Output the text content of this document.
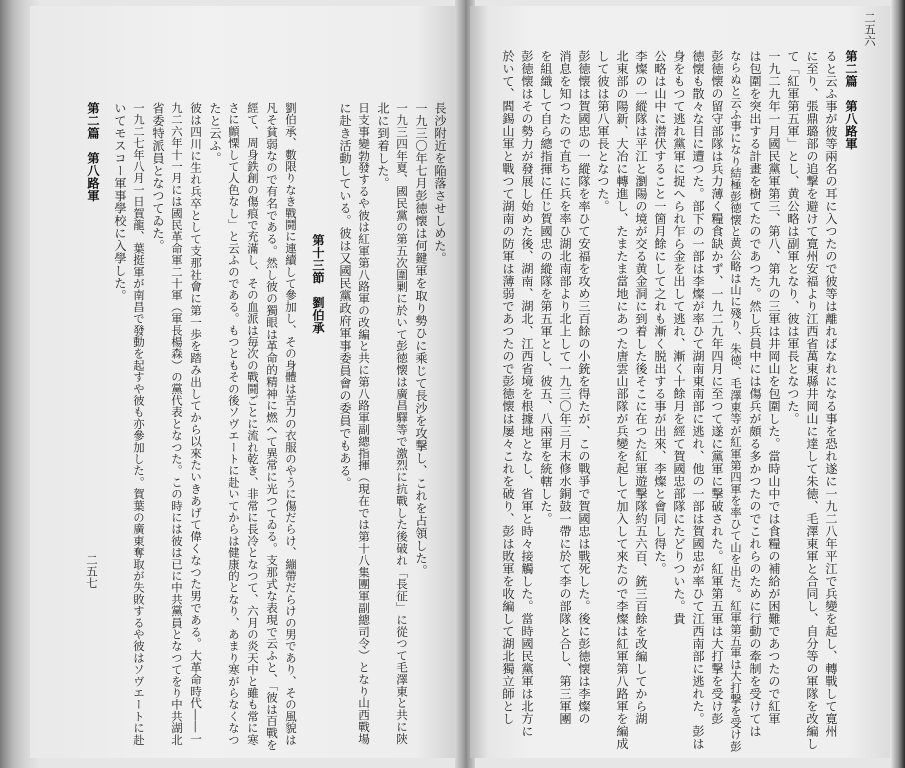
長沙附近を陥落させしめた。
一九三〇年七月彭徳懐は何鍵軍を取り勢ひに乘じて長沙を攻撃し、これを占領した。
一九三四年夏、國民黨の第五次圍剿に於いて彭徳懐は廣昌驛等で激烈に抗戰した後破れ「長征」に從つて毛澤東と共に陝
北に到着した。
日支事變勃發するや彼は紅軍第八路軍の改編と共に第八路軍副總指揮（現在では第十八集團軍副總司令）となり山西戰場
に赴き活動している。彼は又國民黨政府軍事委員會の委員でもある。
第十三節　劉伯承
劉伯承、數限りなき戰鬪に連續して參加し、その身體は苦力の衣服のやうに傷だらけ、繃帶だらけの男であり、その風貌は
凡そ貧弱なので有名である。然し彼の獨眼は革命的精神に燃へて異常に光つてゐる。支那式な表現で云ふと、「彼は百戰を
經て、周身鉄創の傷痕で充滿し、その血派は毎次の戰鬪ごとに流れ乾き、非常に長冷となつて、六月の炎天中と雖も常に寒
さに顫慄して人色なし」と云ふのである。もつともその後ソヴエートに赴いてからは健康的となり、あまり寒がらなくなつ
たと云ふ。
彼は四川に生れ兵卒として支那社會に第一歩を踏み出してから以來たいきあげて偉くなつた男である。大革命時代――一
九二六年十一月には國民革命軍二十軍（軍長楊森）の黨代表となつた。この時には彼は已に中共黨員となつてをり中共湖北
省委特派員となつてゐた。
一九二七年八月一日賀龍、葉挺軍が南昌で發動を起すや彼も亦參加した。賀葉の廣東奪取が失敗するや彼はソヴエートに赴
いてモスコー軍事學校に入學した。
第二篇　第八路軍
二五七
二五六
第二篇　第八路軍
ると云ふ事が彼等兩名の耳に入つたので彼等は離ればなれになる事を恐れ遂に一九二八年平江で兵變を起し、轉戰して寛州
に至り、張鼎璐部の追撃を避けて寛州安福より江西省萬東縣井岡山に達して朱徳、毛澤東軍と合同し、自分等の軍隊を改編し
て「紅軍第五軍」とし、黄公略は副軍となり、彼は軍長となつた。
一九二九年一月國民黨軍第三、第八、第九の三軍は井岡山を包圍した。當時山中では食糧の補給が困難であつたので紅軍
は包圍を突出する計畫を樹てたのであつた。然し兵員中には傷兵が頗る多かつたのでこれらのために行動の牽制を受けては
ならぬと云ふ事になり結極彭徳懐と黄公略は山に殘り、朱徳、毛澤東等が紅軍第四軍を率ひて山を出た。紅軍第五軍は大打撃を受け彭
彭徳懐の留守部隊は兵力薄く糧食缺かず、一九二九年四月に至つて遂に黨軍に撃破された。紅軍第五軍は大打撃を受け彭
徳懐も散々な目に遭つた。部下の一部は李燦が率ひて湖南東南部に逃れ、他の一部は賀國忠が率ひて江西南部に逃れた。彭は
身をもつて逃れ黨軍に捉へられ乍ら金を出して逃れ、漸く十餘月を經て賀國忠部隊にたどりついた。貴
公略は山中に潜伏すること一箇月餘にして之れも漸く脱出する事が出來、李燦と會同し得た。
李燦の一縱隊は平江と瀏陽の境が交る黄金洞に到着した後そこに在つた紅軍遊撃隊約五六百、銃三百餘を改編してから湖
北東部の陽新、大冶に轉進し、たまたま當地にあつた唐雲山部隊が兵變を起して加入して來たので李燦は紅軍第八路軍を編成
して彼は第八軍長となつた。
彭徳懐は賀國忠の一縱隊を率ひて安福を攻め三百餘の小銃を得たが、この戰爭で賀國忠は戰死した。後に彭徳懐は李燦の
消息を知つたので直ちに兵を率ひ湖北南部より北上して一九三〇年三月末修水銅鼓一帶に於て李の部隊と合し、第三軍團
を組織して自ら總指揮に任じ賀國忠の縱隊を第五軍とし、彼五、八兩軍を統轄した。
彭徳懐はその勢力が發展し始めた後、湖南、湖北、江西省境を根據地となし、省軍と時々接觸した。當時國民黨軍は北方に
於いて、閻錫山軍と戰つて湖南の防軍は薄弱であつたので彭徳懐は屡々これを破り、彭は敗軍を收編して湖北獨立師とし
